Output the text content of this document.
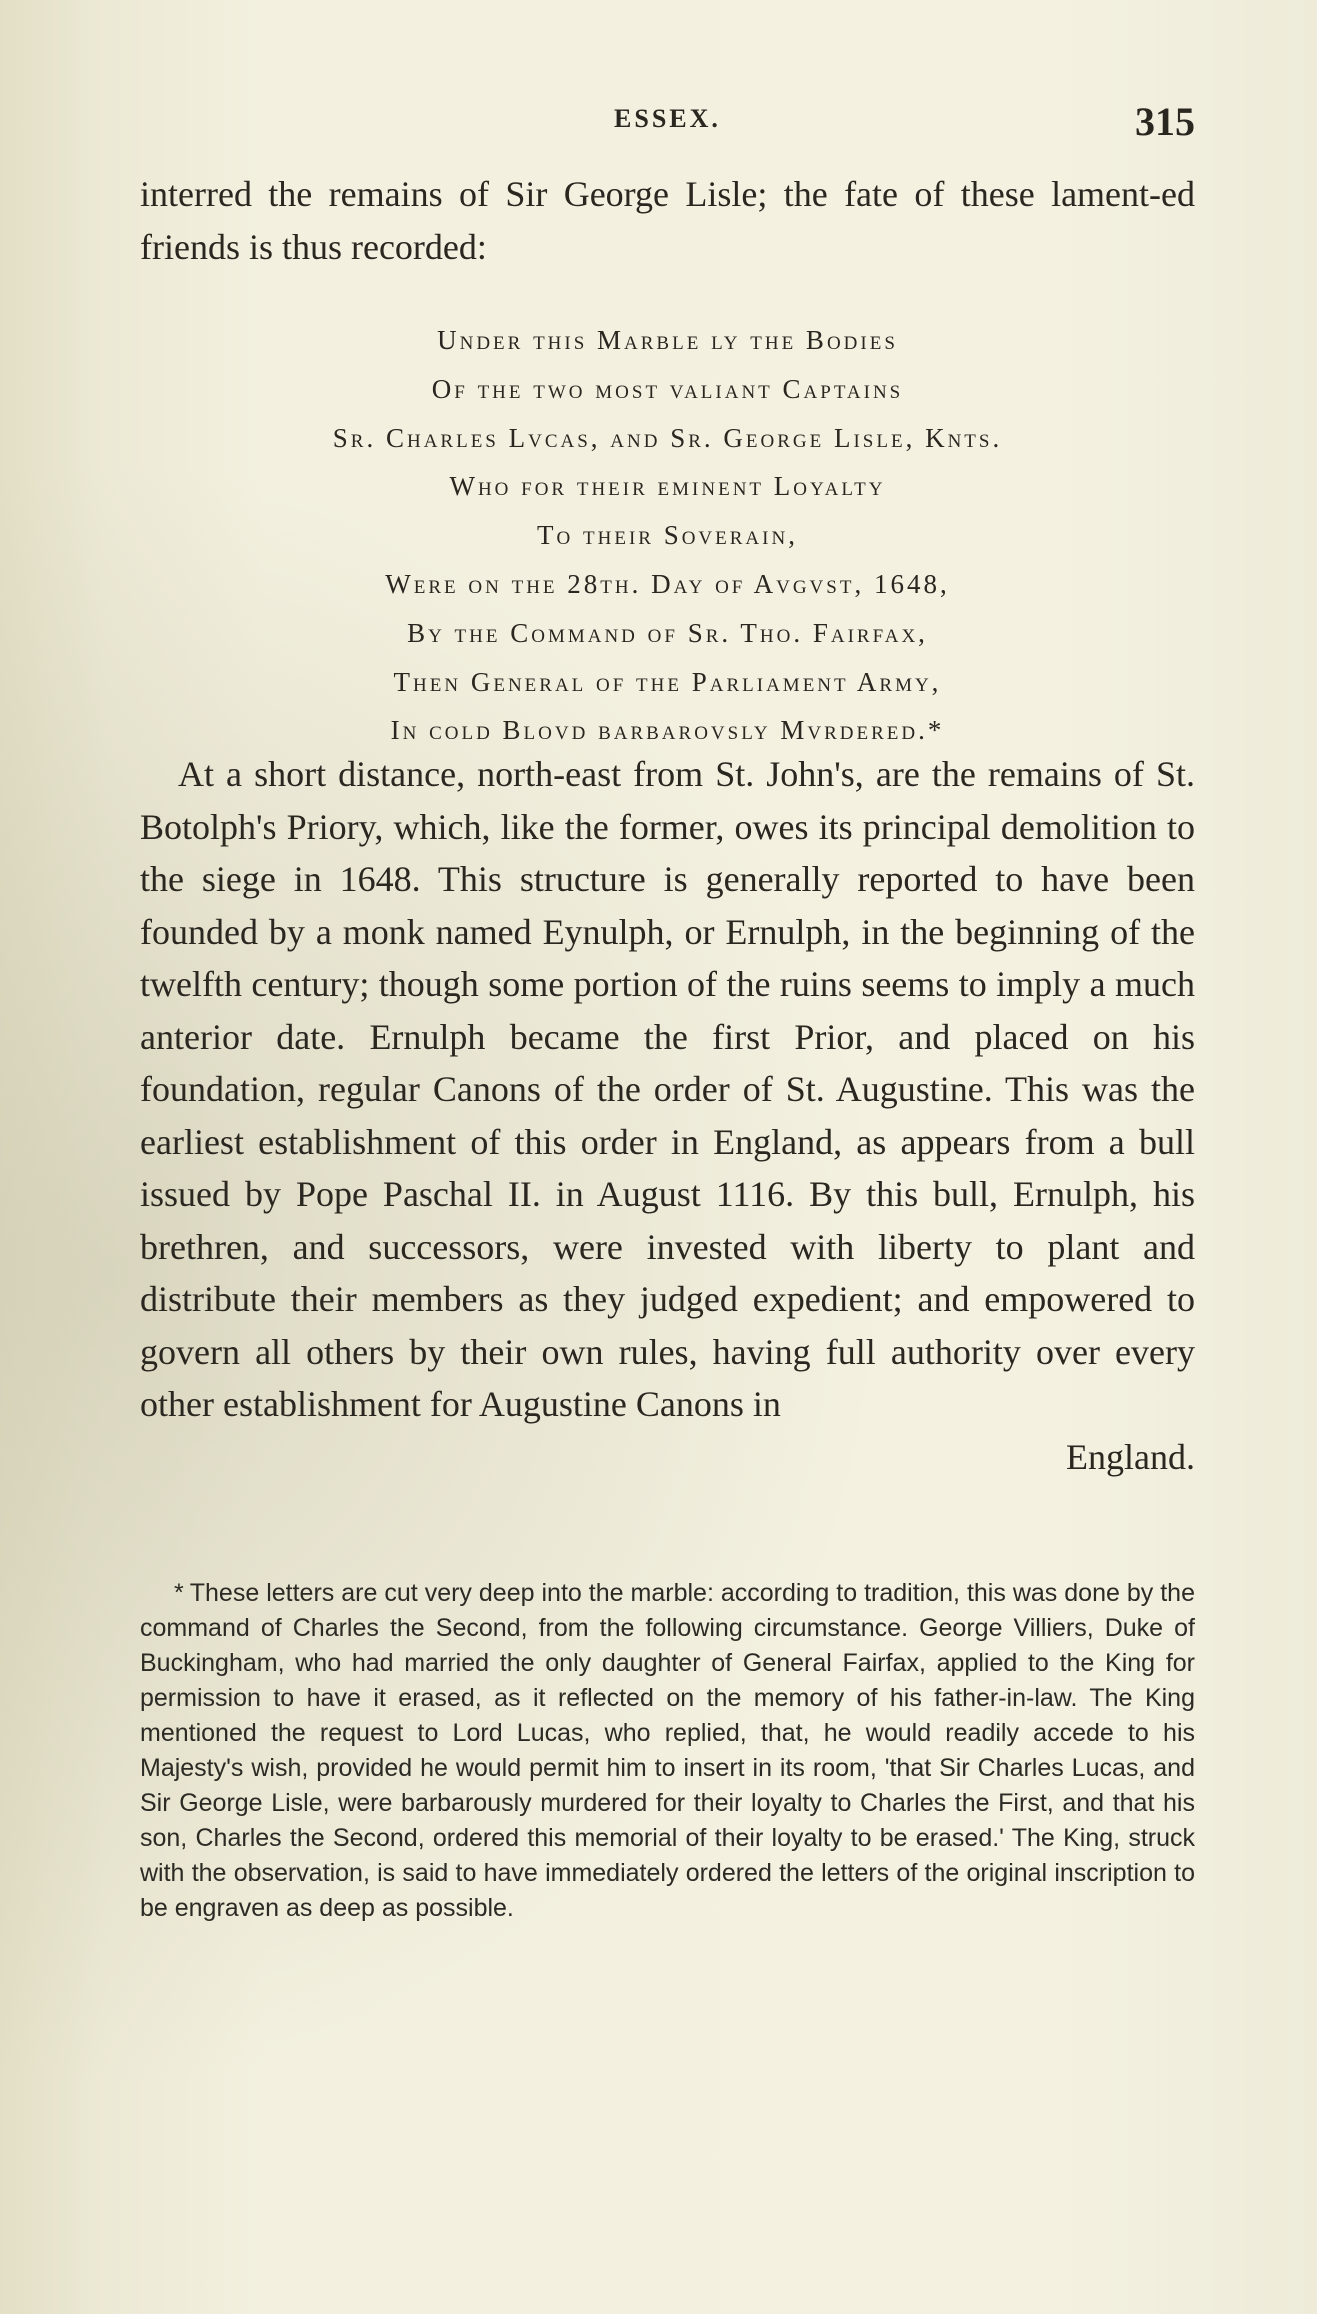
ESSEX.	315

interred the remains of Sir George Lisle; the fate of these lament-ed friends is thus recorded:

Under this Marble ly the Bodies
Of the two most valiant Captains
Sr. Charles Lvcas, and Sr. George Lisle, Knts.
Who for their eminent Loyalty
To their Soverain,
Were on the 28th. Day of Avgvst, 1648,
By the Command of Sr. Tho. Fairfax,
Then General of the Parliament Army,
In cold Blovd barbarovsly Mvrdered.*

At a short distance, north-east from St. John's, are the remains of St. Botolph's Priory, which, like the former, owes its principal demolition to the siege in 1648. This structure is generally reported to have been founded by a monk named Eynulph, or Ernulph, in the beginning of the twelfth century; though some portion of the ruins seems to imply a much anterior date. Ernulph became the first Prior, and placed on his foundation, regular Canons of the order of St. Augustine. This was the earliest establishment of this order in England, as appears from a bull issued by Pope Paschal II. in August 1116. By this bull, Ernulph, his brethren, and successors, were invested with liberty to plant and distribute their members as they judged expedient; and empowered to govern all others by their own rules, having full authority over every other establishment for Augustine Canons in
England.

* These letters are cut very deep into the marble: according to tradition, this was done by the command of Charles the Second, from the following circumstance. George Villiers, Duke of Buckingham, who had married the only daughter of General Fairfax, applied to the King for permission to have it erased, as it reflected on the memory of his father-in-law. The King mentioned the request to Lord Lucas, who replied, that, he would readily accede to his Majesty's wish, provided he would permit him to insert in its room, 'that Sir Charles Lucas, and Sir George Lisle, were barbarously murdered for their loyalty to Charles the First, and that his son, Charles the Second, ordered this memorial of their loyalty to be erased.' The King, struck with the observation, is said to have immediately ordered the letters of the original inscription to be engraven as deep as possible.
